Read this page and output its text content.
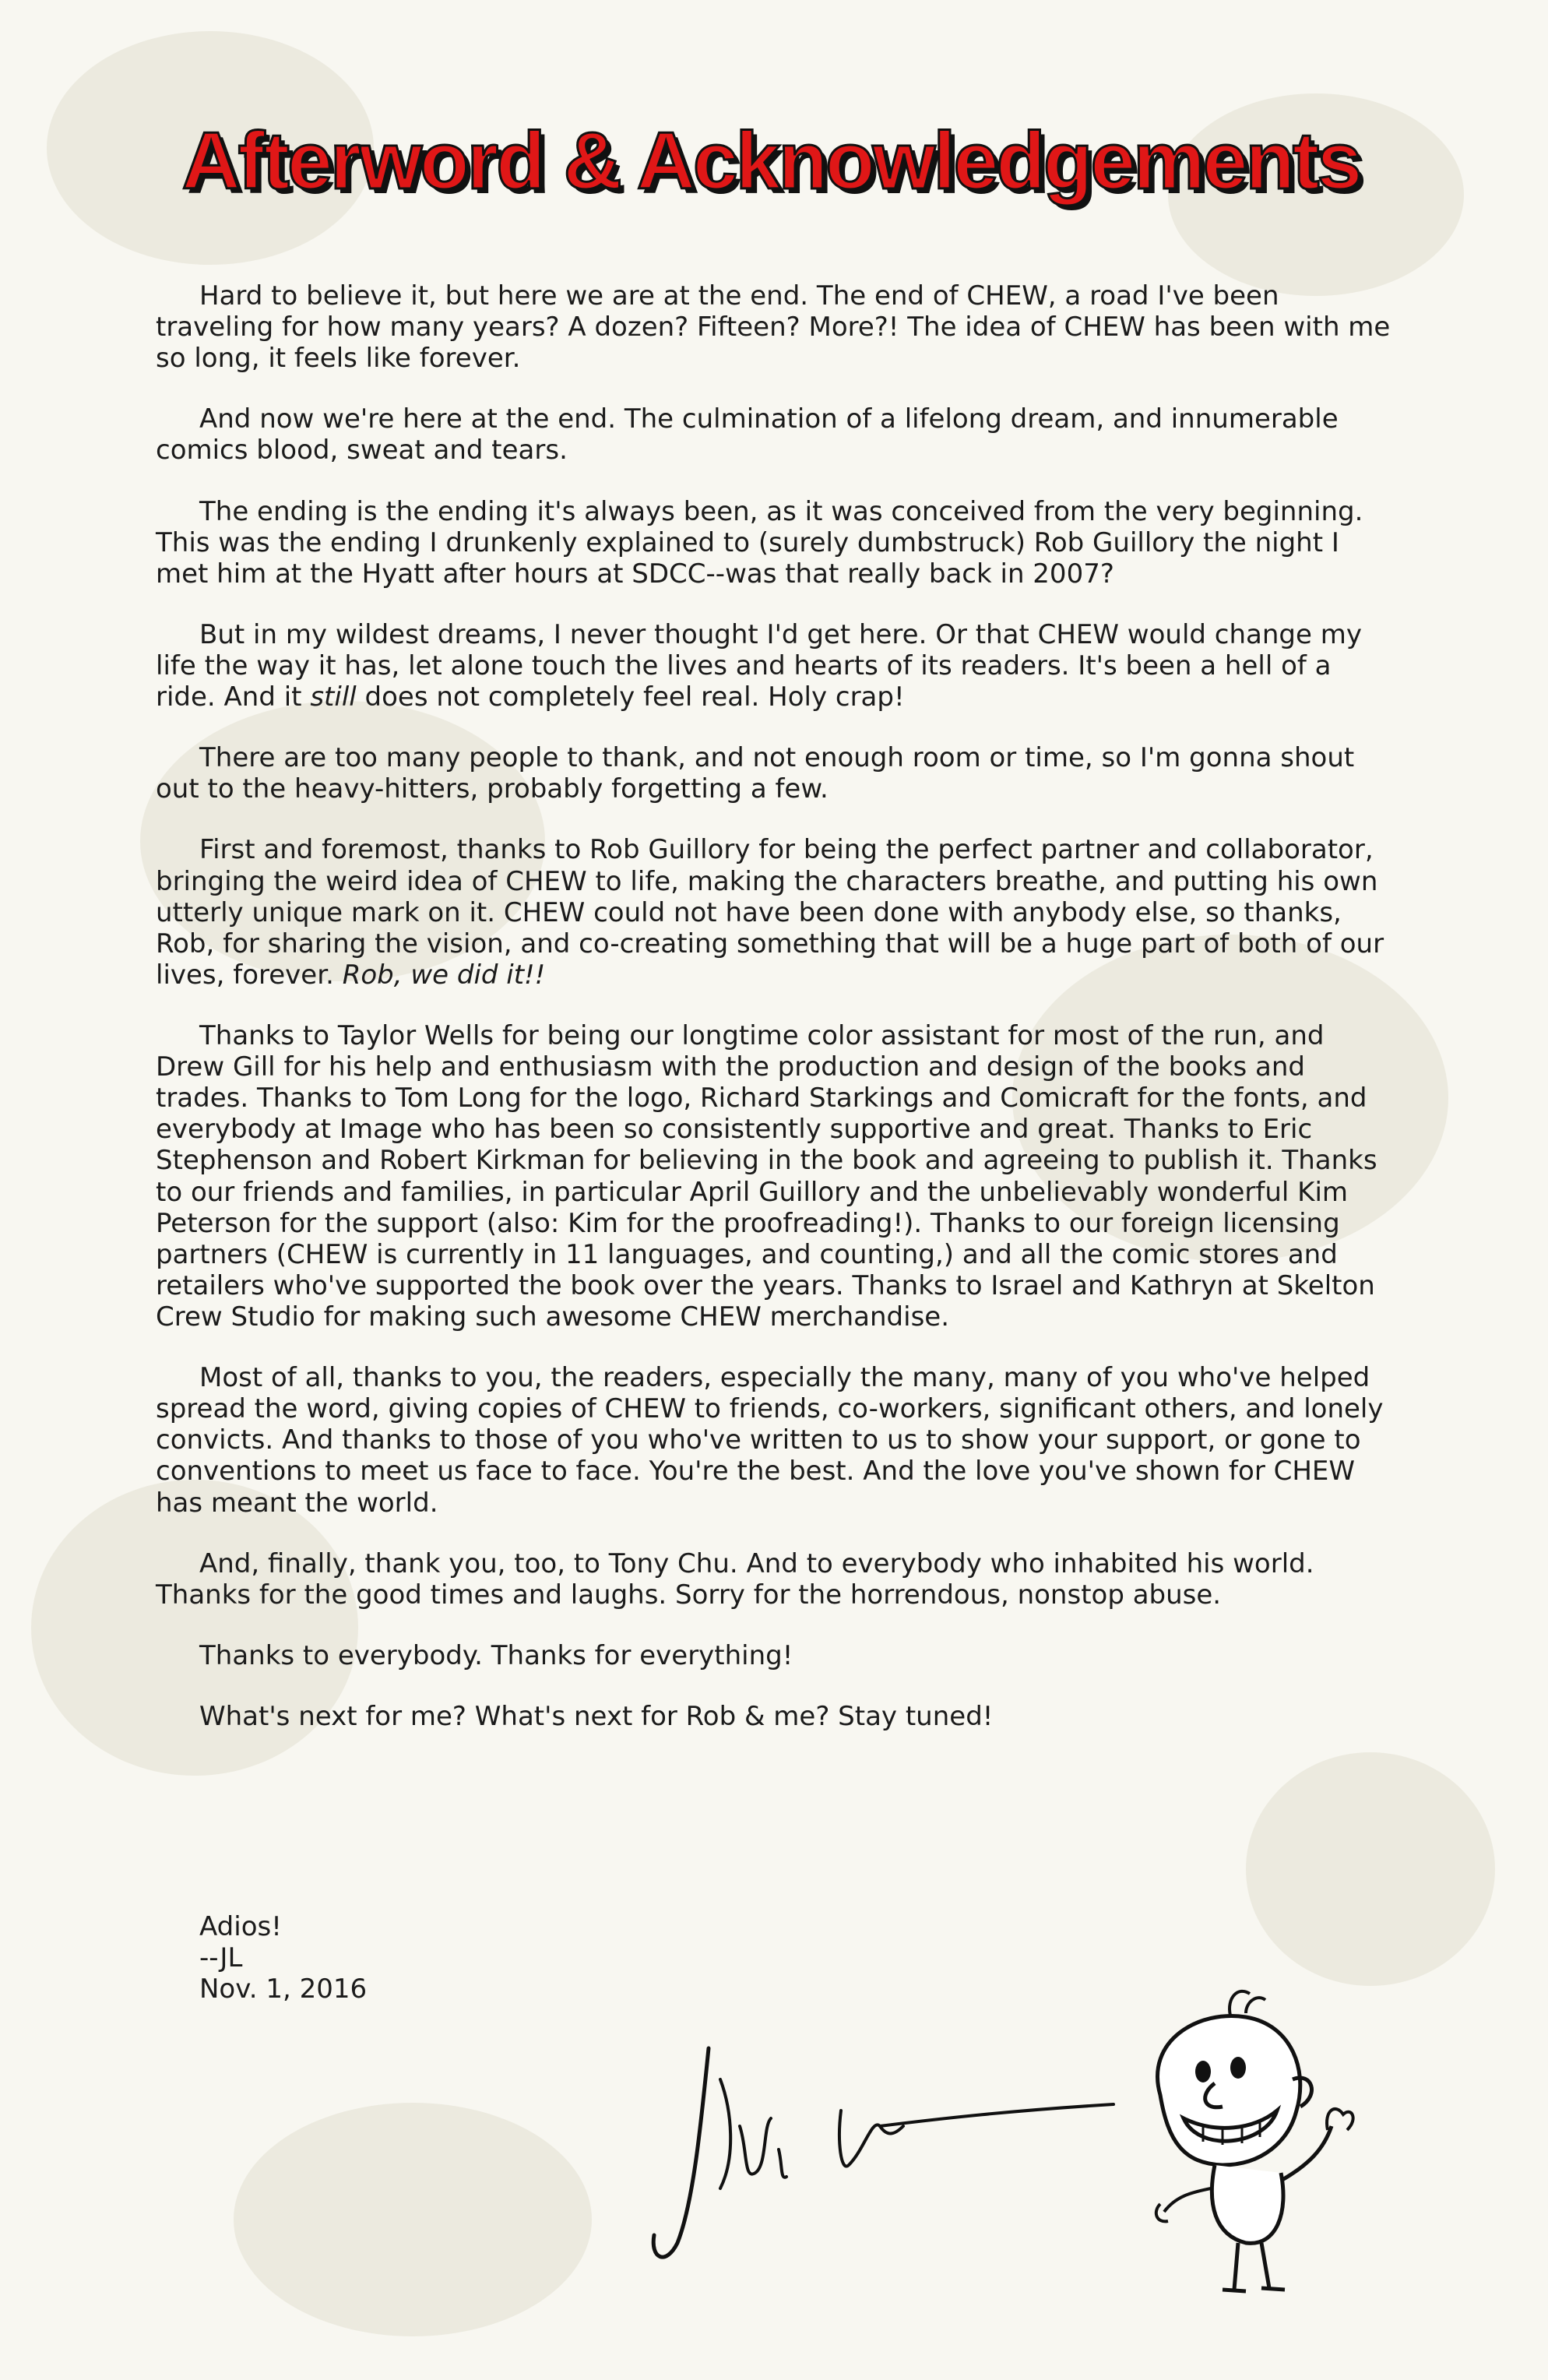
Afterword & Acknowledgements

Hard to believe it, but here we are at the end. The end of CHEW, a road I've been traveling for how many years? A dozen? Fifteen? More?! The idea of CHEW has been with me so long, it feels like forever.

And now we're here at the end. The culmination of a lifelong dream, and innumerable comics blood, sweat and tears.

The ending is the ending it's always been, as it was conceived from the very beginning. This was the ending I drunkenly explained to (surely dumbstruck) Rob Guillory the night I met him at the Hyatt after hours at SDCC--was that really back in 2007?

But in my wildest dreams, I never thought I'd get here. Or that CHEW would change my life the way it has, let alone touch the lives and hearts of its readers. It's been a hell of a ride. And it still does not completely feel real. Holy crap!

There are too many people to thank, and not enough room or time, so I'm gonna shout out to the heavy-hitters, probably forgetting a few.

First and foremost, thanks to Rob Guillory for being the perfect partner and collaborator, bringing the weird idea of CHEW to life, making the characters breathe, and putting his own utterly unique mark on it. CHEW could not have been done with anybody else, so thanks, Rob, for sharing the vision, and co-creating something that will be a huge part of both of our lives, forever. Rob, we did it!!

Thanks to Taylor Wells for being our longtime color assistant for most of the run, and Drew Gill for his help and enthusiasm with the production and design of the books and trades. Thanks to Tom Long for the logo, Richard Starkings and Comicraft for the fonts, and everybody at Image who has been so consistently supportive and great. Thanks to Eric Stephenson and Robert Kirkman for believing in the book and agreeing to publish it. Thanks to our friends and families, in particular April Guillory and the unbelievably wonderful Kim Peterson for the support (also: Kim for the proofreading!). Thanks to our foreign licensing partners (CHEW is currently in 11 languages, and counting,) and all the comic stores and retailers who've supported the book over the years. Thanks to Israel and Kathryn at Skelton Crew Studio for making such awesome CHEW merchandise.

Most of all, thanks to you, the readers, especially the many, many of you who've helped spread the word, giving copies of CHEW to friends, co-workers, significant others, and lonely convicts. And thanks to those of you who've written to us to show your support, or gone to conventions to meet us face to face. You're the best. And the love you've shown for CHEW has meant the world.

And, finally, thank you, too, to Tony Chu. And to everybody who inhabited his world. Thanks for the good times and laughs. Sorry for the horrendous, nonstop abuse.

Thanks to everybody. Thanks for everything!

What's next for me? What's next for Rob & me? Stay tuned!

Adios!
--JL
Nov. 1, 2016
